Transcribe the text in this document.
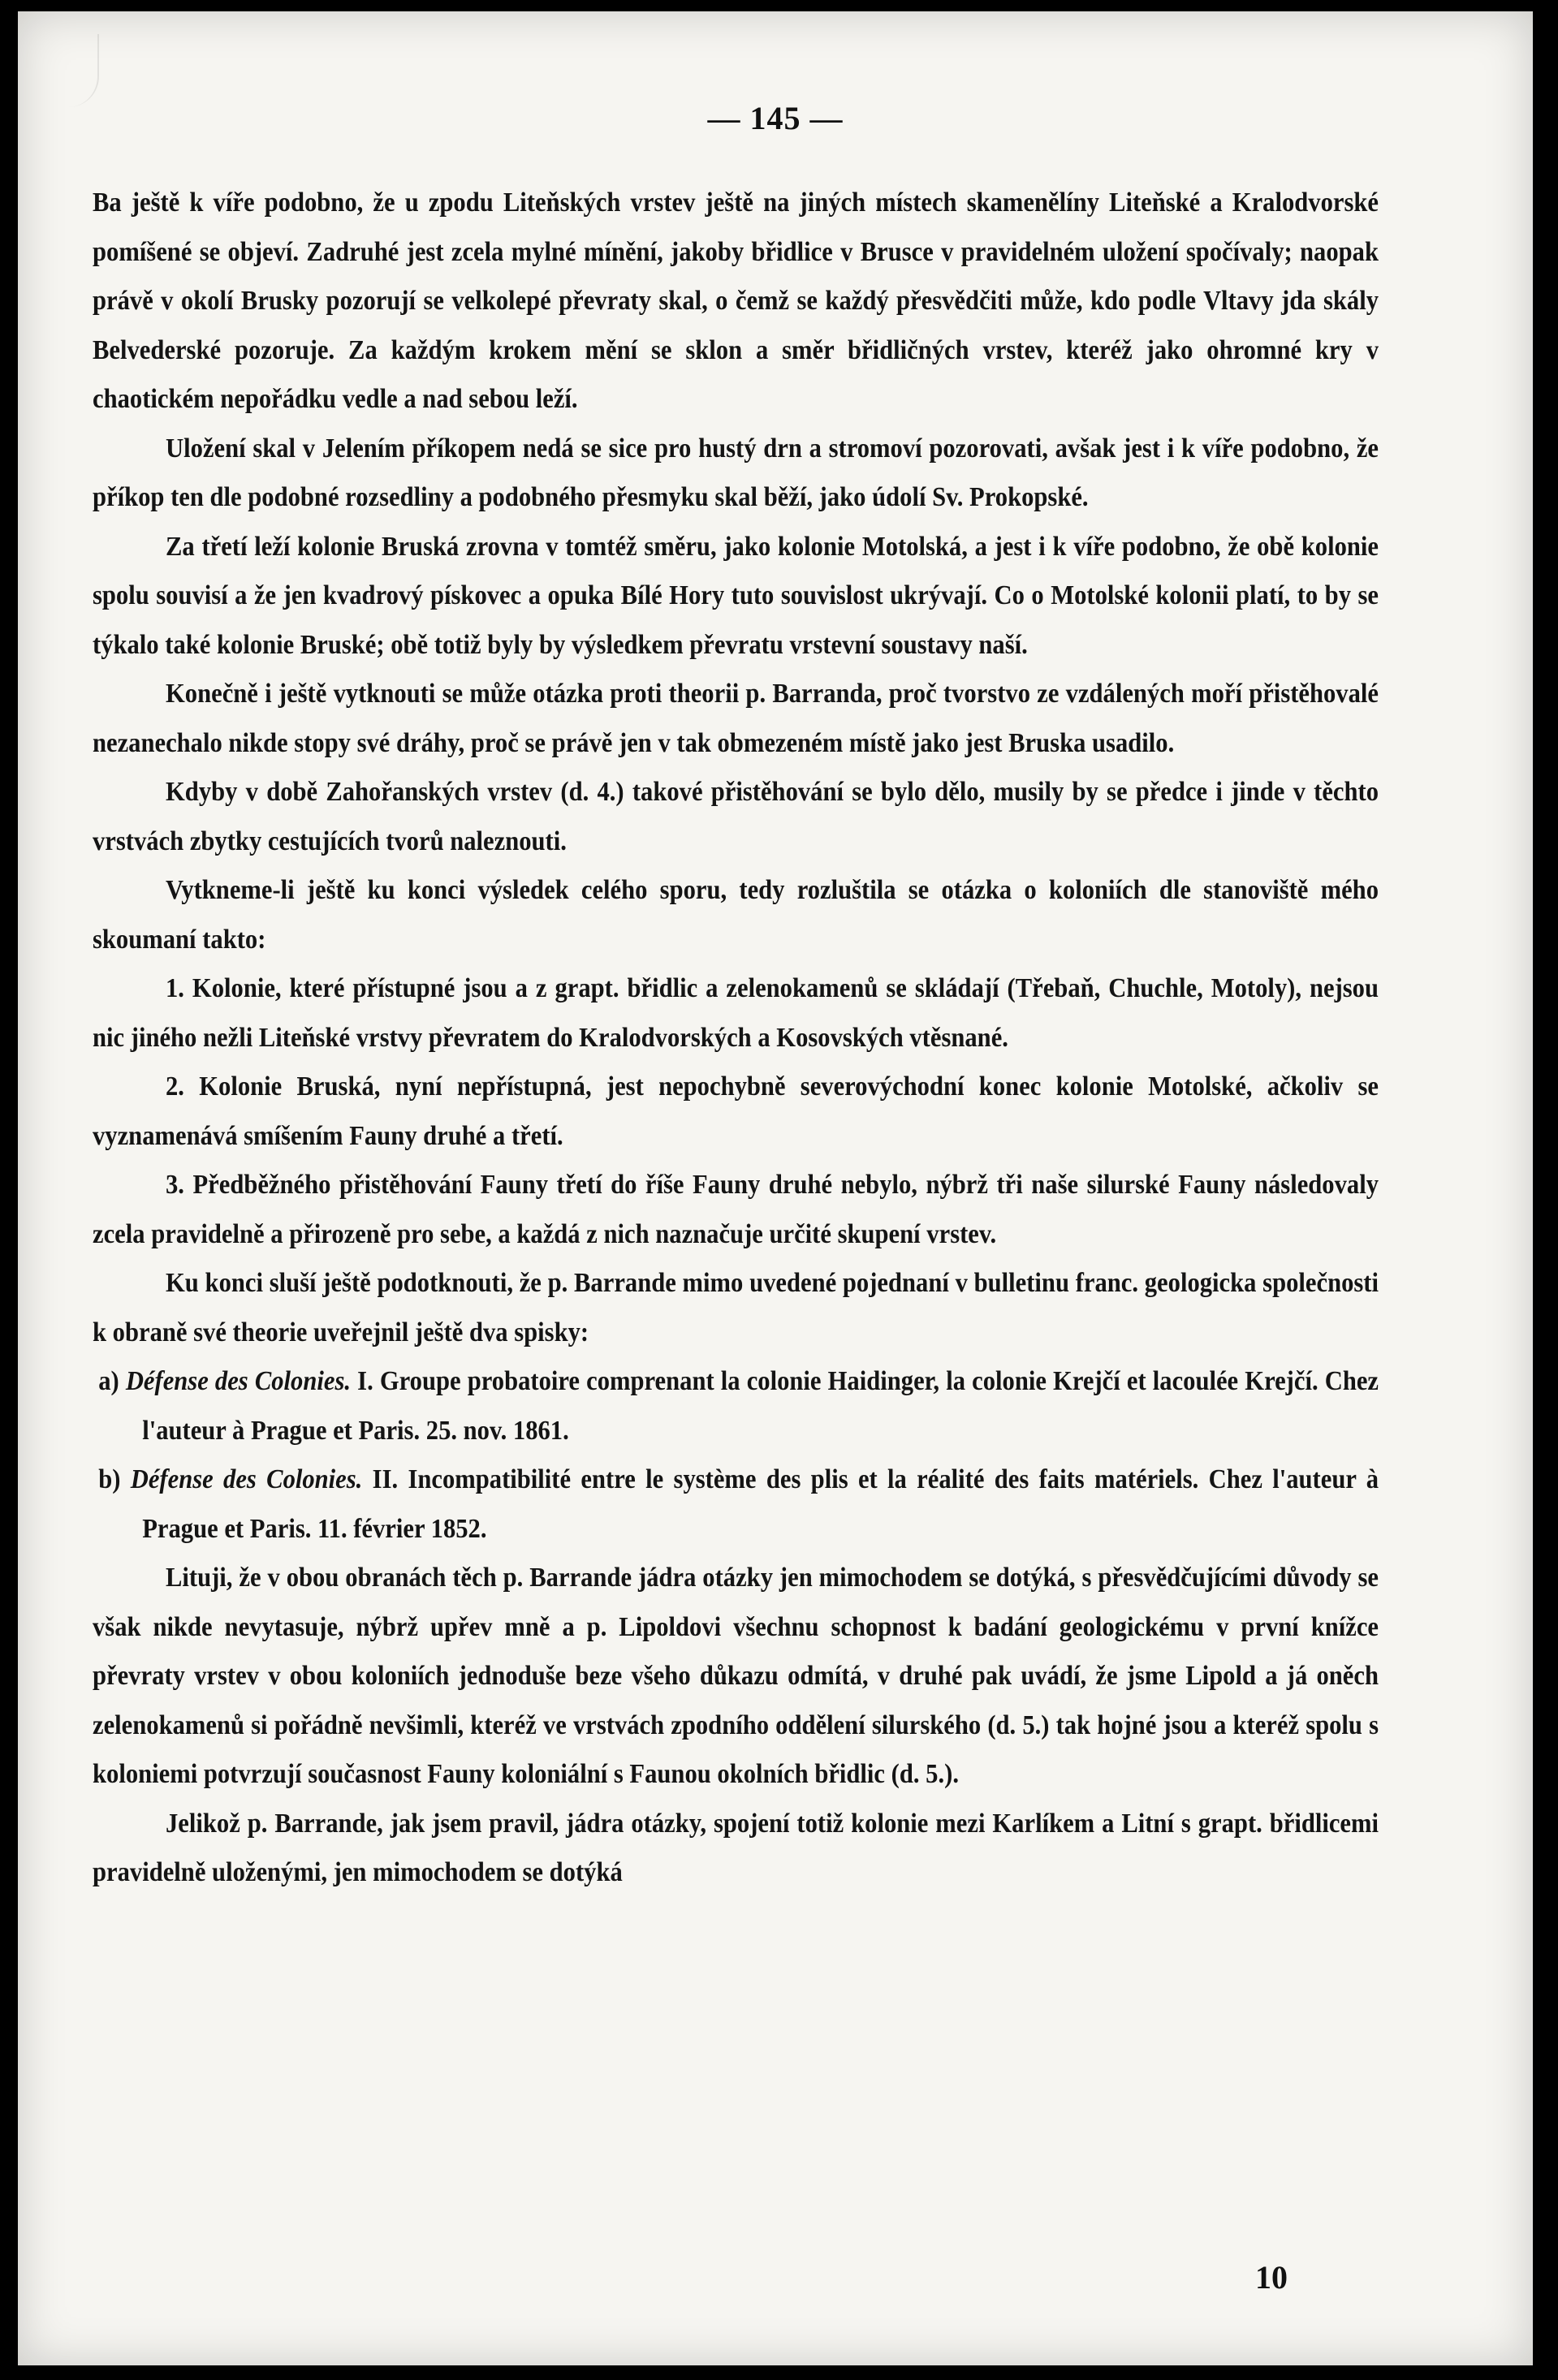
— 145 —

Ba ještě k víře podobno, že u zpodu Liteňských vrstev ještě na jiných místech skamenělíny Liteňské a Kralodvorské pomíšené se objeví. Zadruhé jest zcela mylné mínění, jakoby břidlice v Brusce v pravidelném uložení spočívaly; naopak právě v okolí Brusky pozorují se velkolepé převraty skal, o čemž se každý přesvědčiti může, kdo podle Vltavy jda skály Belvederské pozoruje. Za každým krokem mění se sklon a směr břidličných vrstev, kteréž jako ohromné kry v chaotickém nepořádku vedle a nad sebou leží.

Uložení skal v Jelením příkopem nedá se sice pro hustý drn a stromoví pozorovati, avšak jest i k víře podobno, že příkop ten dle podobné rozsedliny a podobného přesmyku skal běží, jako údolí Sv. Prokopské.

Za třetí leží kolonie Bruská zrovna v tomtéž směru, jako kolonie Motolská, a jest i k víře podobno, že obě kolonie spolu souvisí a že jen kvadrový pískovec a opuka Bílé Hory tuto souvislost ukrývají. Co o Motolské kolonii platí, to by se týkalo také kolonie Bruské; obě totiž byly by výsledkem převratu vrstevní soustavy naší.

Konečně i ještě vytknouti se může otázka proti theorii p. Barranda, proč tvorstvo ze vzdálených moří přistěhovalé nezanechalo nikde stopy své dráhy, proč se právě jen v tak obmezeném místě jako jest Bruska usadilo.

Kdyby v době Zahořanských vrstev (d. 4.) takové přistěhování se bylo dělo, musily by se předce i jinde v těchto vrstvách zbytky cestujících tvorů naleznouti.

Vytkneme-li ještě ku konci výsledek celého sporu, tedy rozluštila se otázka o koloniích dle stanoviště mého skoumaní takto:

1. Kolonie, které přístupné jsou a z grapt. břidlic a zelenokamenů se skládají (Třebaň, Chuchle, Motoly), nejsou nic jiného nežli Liteňské vrstvy převratem do Kralodvorských a Kosovských vtěsnané.

2. Kolonie Bruská, nyní nepřístupná, jest nepochybně severovýchodní konec kolonie Motolské, ačkoliv se vyznamenává smíšením Fauny druhé a třetí.

3. Předběžného přistěhování Fauny třetí do říše Fauny druhé nebylo, nýbrž tři naše silurské Fauny následovaly zcela pravidelně a přirozeně pro sebe, a každá z nich naznačuje určité skupení vrstev.

Ku konci sluší ještě podotknouti, že p. Barrande mimo uvedené pojednaní v bulletinu franc. geologicka společnosti k obraně své theorie uveřejnil ještě dva spisky:

a) Défense des Colonies. I. Groupe probatoire comprenant la colonie Haidinger, la colonie Krejčí et lacoulée Krejčí. Chez l'auteur à Prague et Paris. 25. nov. 1861.

b) Défense des Colonies. II. Incompatibilité entre le système des plis et la réalité des faits matériels. Chez l'auteur à Prague et Paris. 11. février 1852.

Lituji, že v obou obranách těch p. Barrande jádra otázky jen mimochodem se dotýká, s přesvědčujícími důvody se však nikde nevytasuje, nýbrž upřev mně a p. Lipoldovi všechnu schopnost k badání geologickému v první knížce převraty vrstev v obou koloniích jednoduše beze všeho důkazu odmítá, v druhé pak uvádí, že jsme Lipold a já oněch zelenokamenů si pořádně nevšimli, kteréž ve vrstvách zpodního oddělení silurského (d. 5.) tak hojné jsou a kteréž spolu s koloniemi potvrzují současnost Fauny koloniální s Faunou okolních břidlic (d. 5.).

Jelikož p. Barrande, jak jsem pravil, jádra otázky, spojení totiž kolonie mezi Karlíkem a Litní s grapt. břidlicemi pravidelně uloženými, jen mimochodem se dotýká

10
